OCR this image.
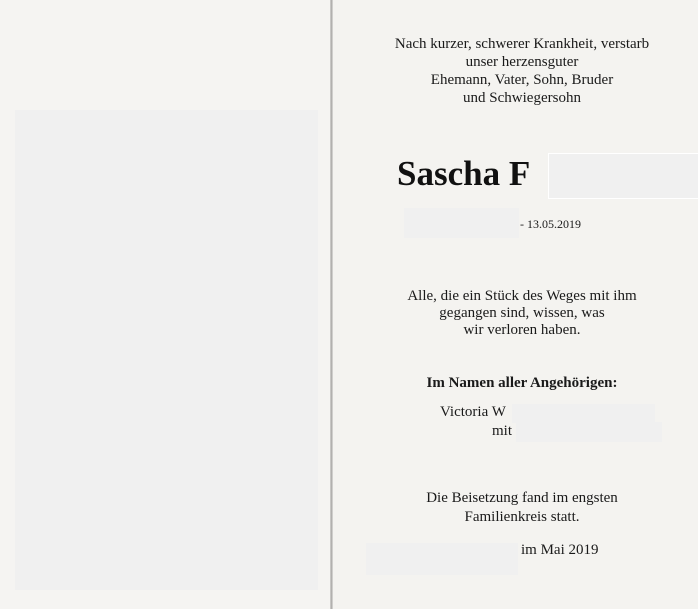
Nach kurzer, schwerer Krankheit, verstarb
unser herzensguter
Ehemann, Vater, Sohn, Bruder
und Schwiegersohn
Sascha F
- 13.05.2019
Alle, die ein Stück des Weges mit ihm
gegangen sind, wissen, was
wir verloren haben.
Im Namen aller Angehörigen:
Victoria W
mit
Die Beisetzung fand im engsten
Familienkreis statt.
im Mai 2019
